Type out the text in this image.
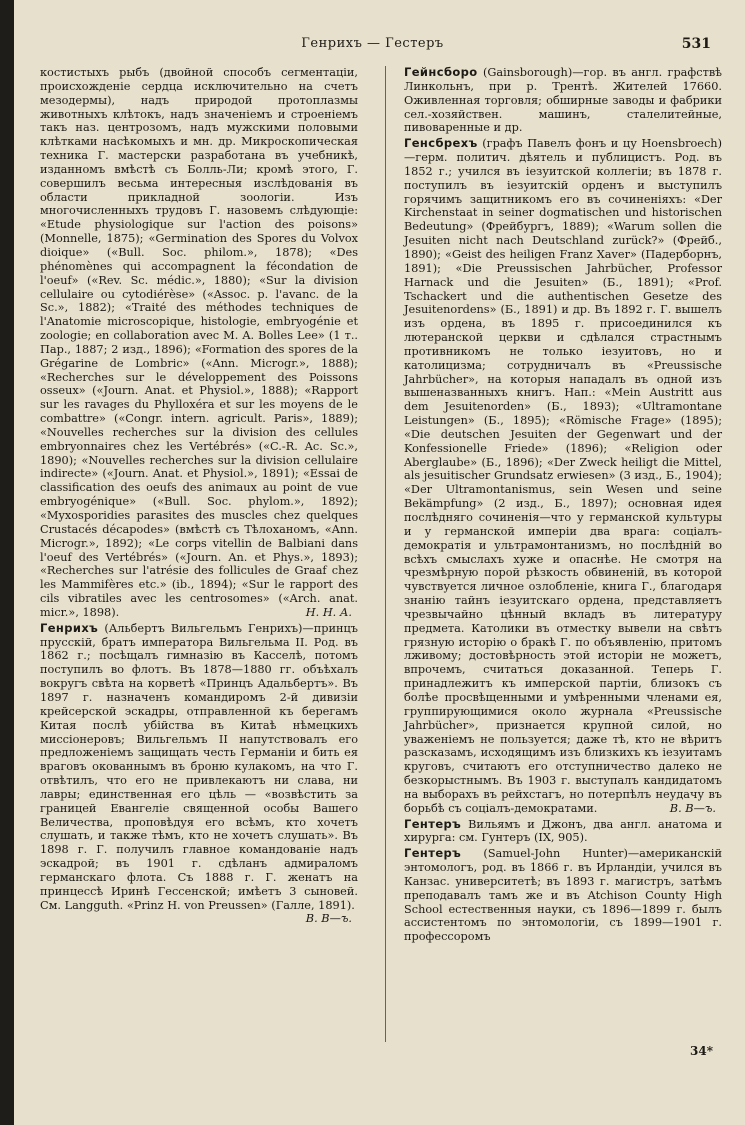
Генрихъ — Гестеръ	531

костистыхъ рыбъ (двойной способъ сегментаціи, происхожденіе сердца исключительно на счетъ мезодермы), надъ природой протоплазмы животныхъ клѣтокъ, надъ значеніемъ и строеніемъ такъ наз. центрозомъ, надъ мужскими половыми клѣтками насѣкомыхъ и мн. др. Микроскопическая техника Г. мастерски разработана въ учебникѣ, изданномъ вмѣстѣ съ Болль-Ли; кромѣ этого, Г. совершилъ весьма интересныя изслѣдованія въ области прикладной зоологіи. Изъ многочисленныхъ трудовъ Г. назовемъ слѣдующіе: «Etude physiologique sur l'action des poisons» (Monnelle, 1875); «Germination des Spores du Volvox dioique» («Bull. Soc. philom.», 1878); «Des phénomènes qui accompagnent la fécondation de l'oeuf» («Rev. Sc. médic.», 1880); «Sur la division cellulaire ou cytodiérèse» («Assoc. p. l'avanc. de la Sc.», 1882); «Traité des méthodes techniques de l'Anatomie microscopique, histologie, embryogénie et zoologie; en collaboration avec M. A. Bolles Lee» (1 т.. Пар., 1887; 2 изд., 1896); «Formation des spores de la Grégarine de Lombric» («Ann. Microgr.», 1888); «Recherches sur le développement des Poissons osseux» («Journ. Anat. et Physiol.», 1888); «Rapport sur les ravages du Phylloxéra et sur les moyens de le combattre» («Congr. intern. agricult. Paris», 1889); «Nouvelles recherches sur la division des cellules embryonnaires chez les Vertébrés» («C.-R. Ac. Sc.», 1890); «Nouvelles recherches sur la division cellulaire indirecte» («Journ. Anat. et Physiol.», 1891); «Essai de classification des oeufs des animaux au point de vue embryogénique» («Bull. Soc. phylom.», 1892); «Myxosporidies parasites des muscles chez quelques Crustacés décapodes» (вмѣстѣ съ Тѣлоханомъ, «Ann. Microgr.», 1892); «Le corps vitellin de Balbiani dans l'oeuf des Vertébrés» («Journ. An. et Phys.», 1893); «Recherches sur l'atrésie des follicules de Graaf chez les Mammifères etc.» (ib., 1894); «Sur le rapport des cils vibratiles avec les centrosomes» («Arch. anat. micr.», 1898).	Н. Н. А.

Генрихъ (Альбертъ Вильгельмъ Генрихъ)—принцъ прусскій, братъ императора Вильгельма II. Род. въ 1862 г.; посѣщалъ гимназію въ Касселѣ, потомъ поступилъ во флотъ. Въ 1878—1880 гг. объѣхалъ вокругъ свѣта на корветѣ «Принцъ Адальбертъ». Въ 1897 г. назначенъ командиромъ 2-й дивизіи крейсерской эскадры, отправленной къ берегамъ Китая послѣ убійства въ Китаѣ нѣмецкихъ миссіонеровъ; Вильгельмъ II напутствовалъ его предложеніемъ защищать честь Германіи и бить ея враговъ окованнымъ въ броню кулакомъ, на что Г. отвѣтилъ, что его не привлекаютъ ни слава, ни лавры; единственная его цѣль — «возвѣстить за границей Евангеліе священной особы Вашего Величества, проповѣдуя его всѣмъ, кто хочетъ слушать, и также тѣмъ, кто не хочетъ слушать». Въ 1898 г. Г. получилъ главное командованіе надъ эскадрой; въ 1901 г. сдѣланъ адмираломъ германскаго флота. Съ 1888 г. Г. женатъ на принцессѣ Иринѣ Гессенской; имѣетъ 3 сыновей. См. Langguth. «Prinz H. von Preussen» (Галле, 1891).
В. В—ъ.

Гейнсборо (Gainsborough)—гор. въ англ. графствѣ Линкольнъ, при р. Трентѣ. Жителей 17660. Оживленная торговля; обширные заводы и фабрики сел.-хозяйствен. машинъ, сталелитейные, пивоваренные и др.

Генсбрехъ (графъ Павелъ фонъ и цу Hoensbroech)—герм. политич. дѣятель и публицистъ. Род. въ 1852 г.; учился въ іезуитской коллегіи; въ 1878 г. поступилъ въ іезуитскій орденъ и выступилъ горячимъ защитникомъ его въ сочиненіяхъ: «Der Kirchenstaat in seiner dogmatischen und historischen Bedeutung» (Фрейбургъ, 1889); «Warum sollen die Jesuiten nicht nach Deutschland zurück?» (Фрейб., 1890); «Geist des heiligen Franz Xaver» (Падерборнъ, 1891); «Die Preussischen Jahrbücher, Professor Harnack und die Jesuiten» (Б., 1891); «Prof. Tschackert und die authentischen Gesetze des Jesuitenordens» (Б., 1891) и др. Въ 1892 г. Г. вышелъ изъ ордена, въ 1895 г. присоединился къ лютеранской церкви и сдѣлался страстнымъ противникомъ не только іезуитовъ, но и католицизма; сотрудничалъ въ «Preussische Jahrbücher», на которыя нападалъ въ одной изъ вышеназванныхъ книгъ. Нап.: «Mein Austritt aus dem Jesuitenorden» (Б., 1893); «Ultramontane Leistungen» (Б., 1895); «Römische Frage» (1895); «Die deutschen Jesuiten der Gegenwart und der Konfessionelle Friede» (1896); «Religion oder Aberglaube» (Б., 1896); «Der Zweck heiligt die Mittel, als jesuitischer Grundsatz erwiesen» (3 изд., Б., 1904); «Der Ultramontanismus, sein Wesen und seine Bekämpfung» (2 изд., Б., 1897); основная идея послѣдняго сочиненія—что у германской культуры и у германской имперіи два врага: соціалъ-демократія и ультрамонтанизмъ, но послѣдній во всѣхъ смыслахъ хуже и опаснѣе. Не смотря на чрезмѣрную порой рѣзкость обвиненій, въ которой чувствуется личное озлобленіе, книга Г., благодаря знанію тайнъ іезуитскаго ордена, представляетъ чрезвычайно цѣнный вкладъ въ литературу предмета. Католики въ отместку вывели на свѣтъ грязную исторію о бракѣ Г. по объявленію, притомъ лживому; достовѣрность этой исторіи не можетъ, впрочемъ, считаться доказанной. Теперь Г. принадлежитъ къ имперской партіи, близокъ съ болѣе просвѣщенными и умѣренными членами ея, группирующимися около журнала «Preussische Jahrbücher», признается крупной силой, но уваженіемъ не пользуется; даже тѣ, кто не вѣритъ разсказамъ, исходящимъ изъ близкихъ къ іезуитамъ круговъ, считаютъ его отступничество далеко не безкорыстнымъ. Въ 1903 г. выступалъ кандидатомъ на выборахъ въ рейхстагъ, но потерпѣлъ неудачу въ борьбѣ съ соціалъ-демократами.	В. В—ъ.

Гентеръ Вильямъ и Джонъ, два англ. анатома и хирурга: см. Гунтеръ (IX, 905).

Гентеръ (Samuel-John Hunter)—американскій энтомологъ, род. въ 1866 г. въ Ирландіи, учился въ Канзас. университетѣ; въ 1893 г. магистръ, затѣмъ преподавалъ тамъ же и въ Atchison County High School естественныя науки, съ 1896—1899 г. былъ ассистентомъ по энтомологіи, съ 1899—1901 г. профессоромъ

34*
